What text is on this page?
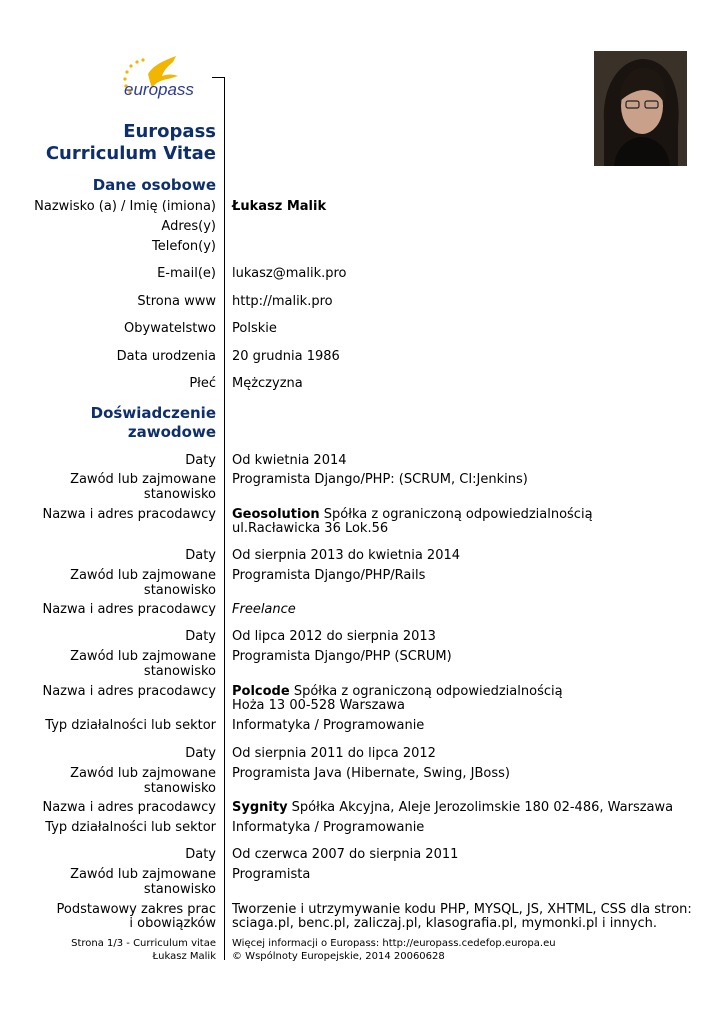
europass
Europass
Curriculum Vitae
Dane osobowe
Nazwisko (a) / Imię (imiona) Łukasz Malik
Adres(y)
Telefon(y)
E-mail(e) lukasz@malik.pro
Strona www http://malik.pro
Obywatelstwo Polskie
Data urodzenia 20 grudnia 1986
Płeć Mężczyzna
Doświadczenie
zawodowe
Daty Od kwietnia 2014
Zawód lub zajmowane
stanowisko
Programista Django/PHP: (SCRUM, CI:Jenkins)
Nazwa i adres pracodawcy Geosolution Spółka z ograniczoną odpowiedzialnością
ul.Racławicka 36 Lok.56
Daty Od sierpnia 2013 do kwietnia 2014
Zawód lub zajmowane
stanowisko
Programista Django/PHP/Rails
Nazwa i adres pracodawcy Freelance
Daty Od lipca 2012 do sierpnia 2013
Zawód lub zajmowane
stanowisko
Programista Django/PHP (SCRUM)
Nazwa i adres pracodawcy Polcode Spółka z ograniczoną odpowiedzialnością
Hoża 13 00-528 Warszawa
Typ działalności lub sektor Informatyka / Programowanie
Daty Od sierpnia 2011 do lipca 2012
Zawód lub zajmowane
stanowisko
Programista Java (Hibernate, Swing, JBoss)
Nazwa i adres pracodawcy Sygnity Spółka Akcyjna, Aleje Jerozolimskie 180 02-486, Warszawa
Typ działalności lub sektor Informatyka / Programowanie
Daty Od czerwca 2007 do sierpnia 2011
Zawód lub zajmowane
stanowisko
Programista
Podstawowy zakres prac
i obowiązków
Tworzenie i utrzymywanie kodu PHP, MYSQL, JS, XHTML, CSS dla stron:
sciaga.pl, benc.pl, zaliczaj.pl, klasografia.pl, mymonki.pl i innych.
Strona 1/3 - Curriculum vitae
Łukasz Malik
Więcej informacji o Europass: http://europass.cedefop.europa.eu
© Wspólnoty Europejskie, 2014 20060628
